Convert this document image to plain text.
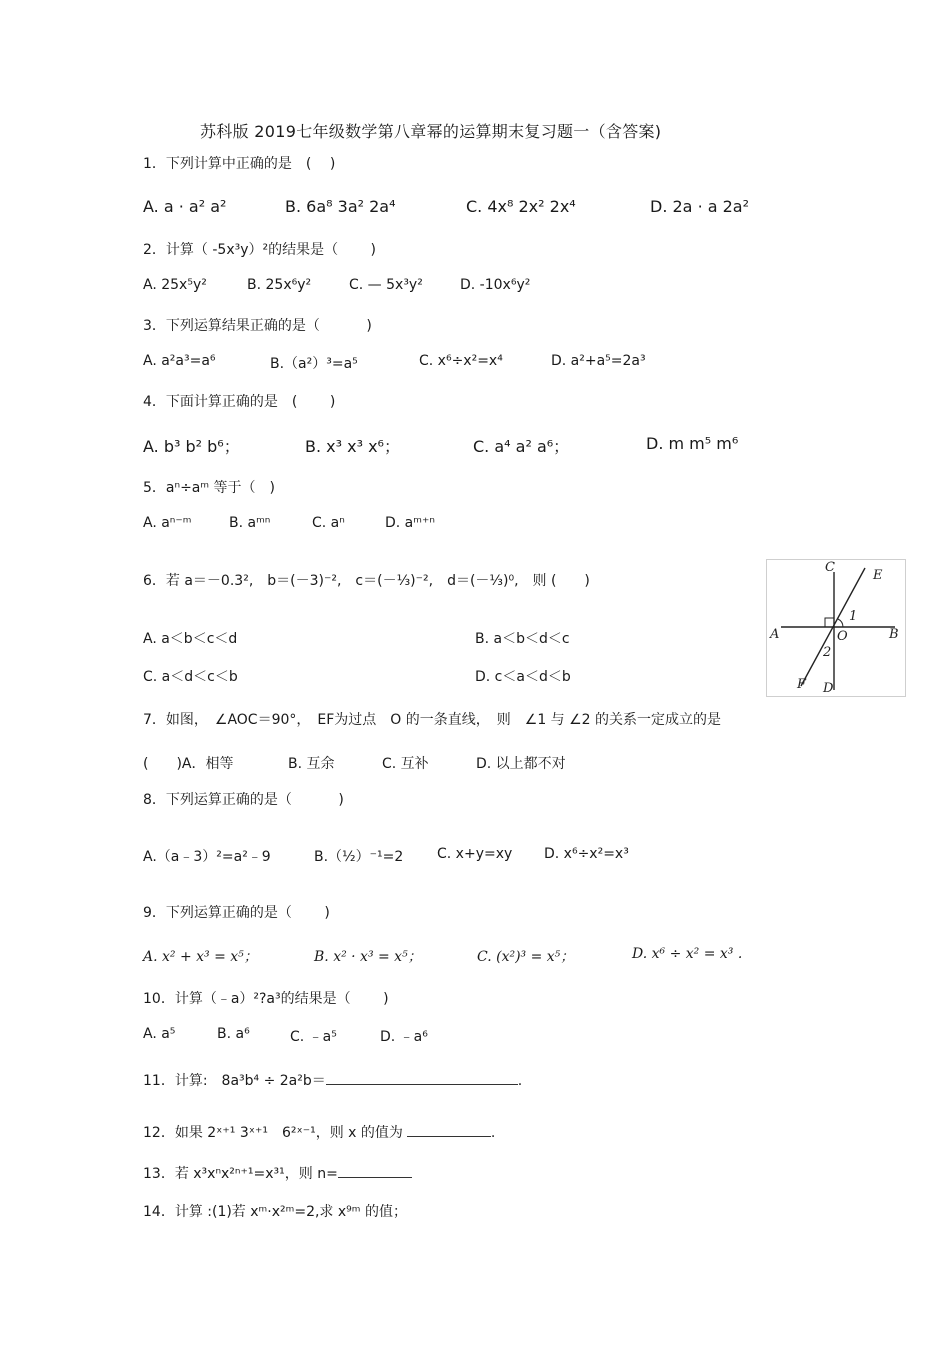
苏科版 2019七年级数学第八章幂的运算期末复习题一（含答案)
1．下列计算中正确的是　(　 )
A. a · a² a²	B. 6a⁸ 3a² 2a⁴	C. 4x⁸ 2x² 2x⁴	D. 2a · a 2a²
2．计算（ -5x³y）²的结果是（　　 )
A. 25x⁵y²	B. 25x⁶y²	C. — 5x³y²	D. -10x⁶y²
3．下列运算结果正确的是（　　　 )
A. a²a³=a⁶	B.（a²）³=a⁵	C. x⁶÷x²=x⁴	D. a²+a⁵=2a³
4．下面计算正确的是　(　　 )
A. b³ b² b⁶；	B. x³ x³ x⁶；	C. a⁴ a² a⁶；	D. m m⁵ m⁶
5．aⁿ÷aᵐ 等于（　)
A. aⁿ⁻ᵐ	B. aᵐⁿ	C. aⁿ	D. aᵐ⁺ⁿ
6．若 a＝－0.3²,　b＝(－3)⁻²,　c＝(－⅓)⁻²,　d＝(－⅓)⁰,　则 (　　)
A. a＜b＜c＜d	B. a＜b＜d＜c
C. a＜d＜c＜b	D. c＜a＜d＜b
C
E
1
A	O	B
2
F D
7．如图，　∠AOC＝90°，　EF为过点　O 的一条直线，　则　∠1 与 ∠2 的关系一定成立的是
(　　)A．相等	B. 互余	C. 互补	D. 以上都不对
8．下列运算正确的是（　　　 )
A.（a﹣3）²=a²﹣9	B.（½）⁻¹=2 C. x+y=xy D. x⁶÷x²=x³
9．下列运算正确的是（　　 )
A. x² + x³ = x⁵；	B. x² · x³ = x⁵；	C. (x²)³ = x⁵；	D. x⁶ ÷ x² = x³ .
10．计算（﹣a）²?a³的结果是（　　 )
A. a⁵	B. a⁶	C. ﹣a⁵	D. ﹣a⁶
11．计算:　8a³b⁴ ÷ 2a²b＝	.
12．如果 2ˣ⁺¹ 3ˣ⁺¹　6²ˣ⁻¹，则 x 的值为	.
13．若 x³xⁿx²ⁿ⁺¹=x³¹，则 n=
14．计算 :(1)若 xᵐ·x²ᵐ=2,求 x⁹ᵐ 的值；
